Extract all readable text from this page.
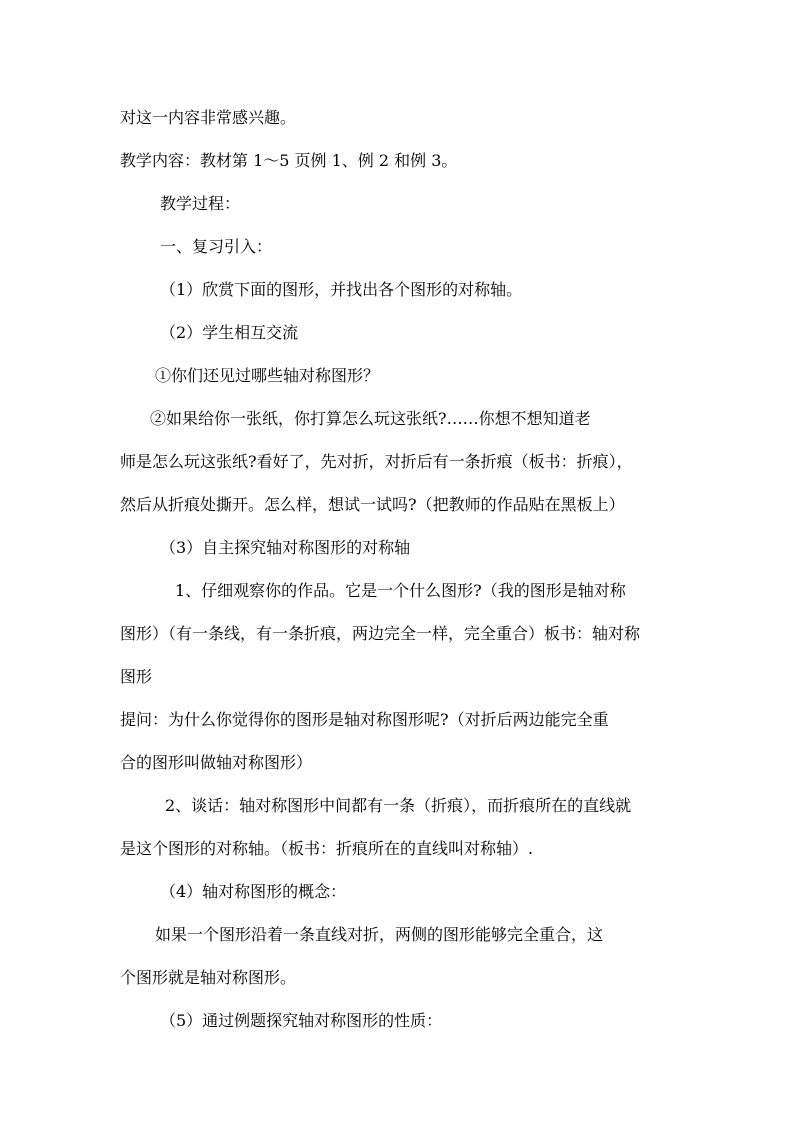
对这一内容非常感兴趣。
教学内容：教材第 1～5 页例 1、例 2 和例 3。
教学过程：
一、复习引入：
（1）欣赏下面的图形，并找出各个图形的对称轴。
（2）学生相互交流
①你们还见过哪些轴对称图形？
②如果给你一张纸，你打算怎么玩这张纸?……你想不想知道老
师是怎么玩这张纸?看好了，先对折，对折后有一条折痕（板书：折痕），
然后从折痕处撕开。怎么样，想试一试吗?（把教师的作品贴在黑板上）
（3）自主探究轴对称图形的对称轴
1、仔细观察你的作品。它是一个什么图形?（我的图形是轴对称
图形）（有一条线，有一条折痕，两边完全一样，完全重合）板书：轴对称
图形
提问：为什么你觉得你的图形是轴对称图形呢?（对折后两边能完全重
合的图形叫做轴对称图形）
2、谈话：轴对称图形中间都有一条（折痕），而折痕所在的直线就
是这个图形的对称轴。（板书：折痕所在的直线叫对称轴）.
（4）轴对称图形的概念：
如果一个图形沿着一条直线对折，两侧的图形能够完全重合，这
个图形就是轴对称图形。
（5）通过例题探究轴对称图形的性质：
